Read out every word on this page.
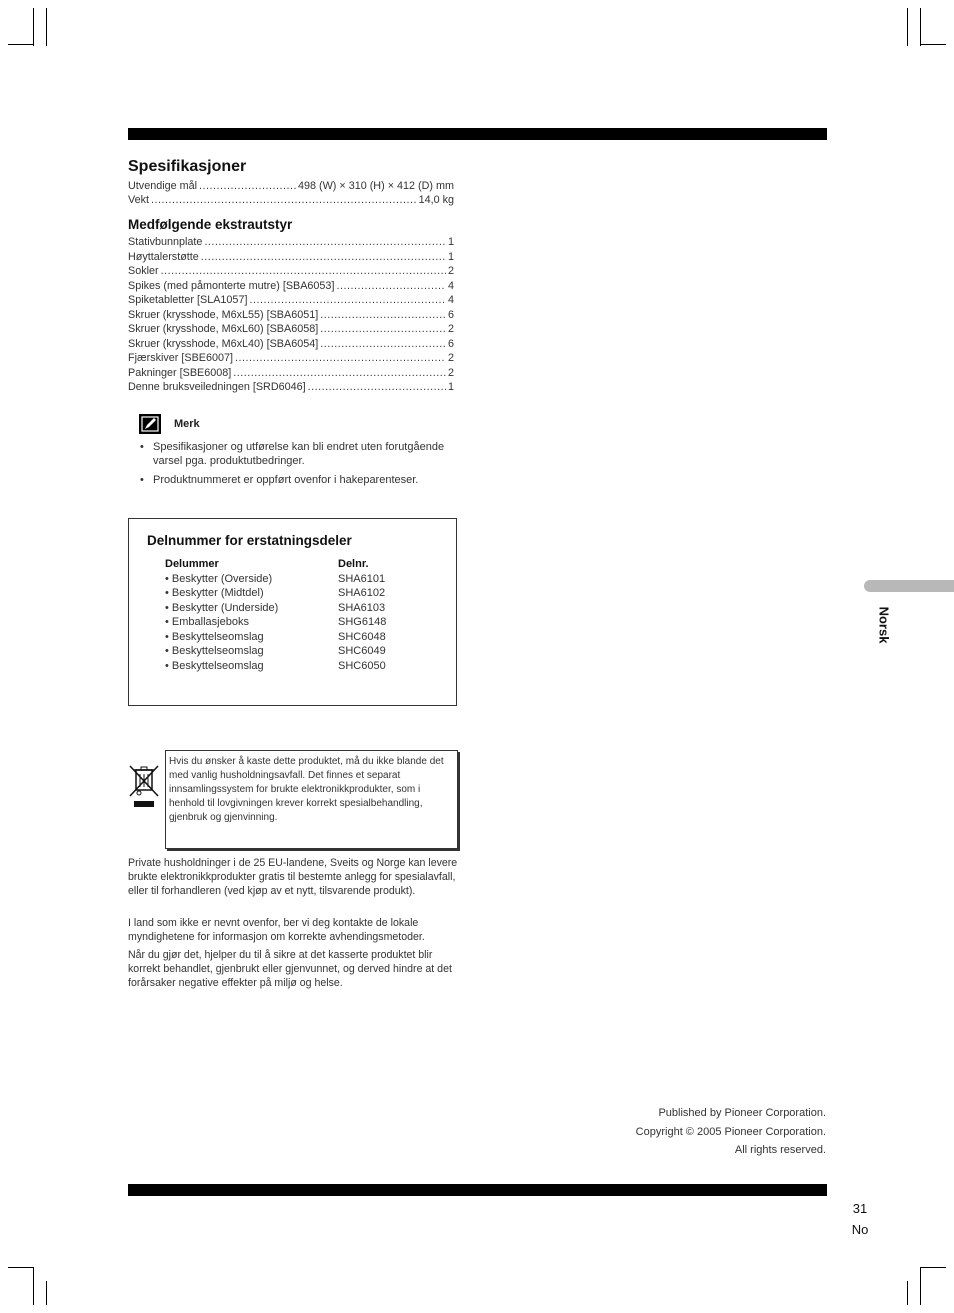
Spesifikasjoner
Utvendige mål .....	498 (W) × 310 (H) × 412 (D) mm
Vekt .....	14,0 kg
Medfølgende ekstrautstyr
Stativbunnplate .....	1
Høyttalerstøtte .....	1
Sokler .....	2
Spikes (med påmonterte mutre) [SBA6053] .....	4
Spiketabletter [SLA1057] .....	4
Skruer (krysshode, M6xL55) [SBA6051] .....	6
Skruer (krysshode, M6xL60) [SBA6058] .....	2
Skruer (krysshode, M6xL40) [SBA6054] .....	6
Fjærskiver [SBE6007] .....	2
Pakninger [SBE6008] .....	2
Denne bruksveiledningen [SRD6046] .....	1
Merk
• Spesifikasjoner og utførelse kan bli endret uten forutgående varsel pga. produktutbedringer.
• Produktnummeret er oppført ovenfor i hakeparenteser.
Delnummer for erstatningsdeler
Delummer	Delnr.
• Beskytter (Overside)	SHA6101
• Beskytter (Midtdel)	SHA6102
• Beskytter (Underside)	SHA6103
• Emballasjeboks	SHG6148
• Beskyttelseomslag	SHC6048
• Beskyttelseomslag	SHC6049
• Beskyttelseomslag	SHC6050
Hvis du ønsker å kaste dette produktet, må du ikke blande det med vanlig husholdningsavfall. Det finnes et separat innsamlingssystem for brukte elektronikkprodukter, som i henhold til lovgivningen krever korrekt spesialbehandling, gjenbruk og gjenvinning.
Private husholdninger i de 25 EU-landene, Sveits og Norge kan levere brukte elektronikkprodukter gratis til bestemte anlegg for spesialavfall, eller til forhandleren (ved kjøp av et nytt, tilsvarende produkt).
I land som ikke er nevnt ovenfor, ber vi deg kontakte de lokale myndighetene for informasjon om korrekte avhendingsmetoder.
Når du gjør det, hjelper du til å sikre at det kasserte produktet blir korrekt behandlet, gjenbrukt eller gjenvunnet, og derved hindre at det forårsaker negative effekter på miljø og helse.
Published by Pioneer Corporation.
Copyright © 2005 Pioneer Corporation.
All rights reserved.
Norsk
31
No
